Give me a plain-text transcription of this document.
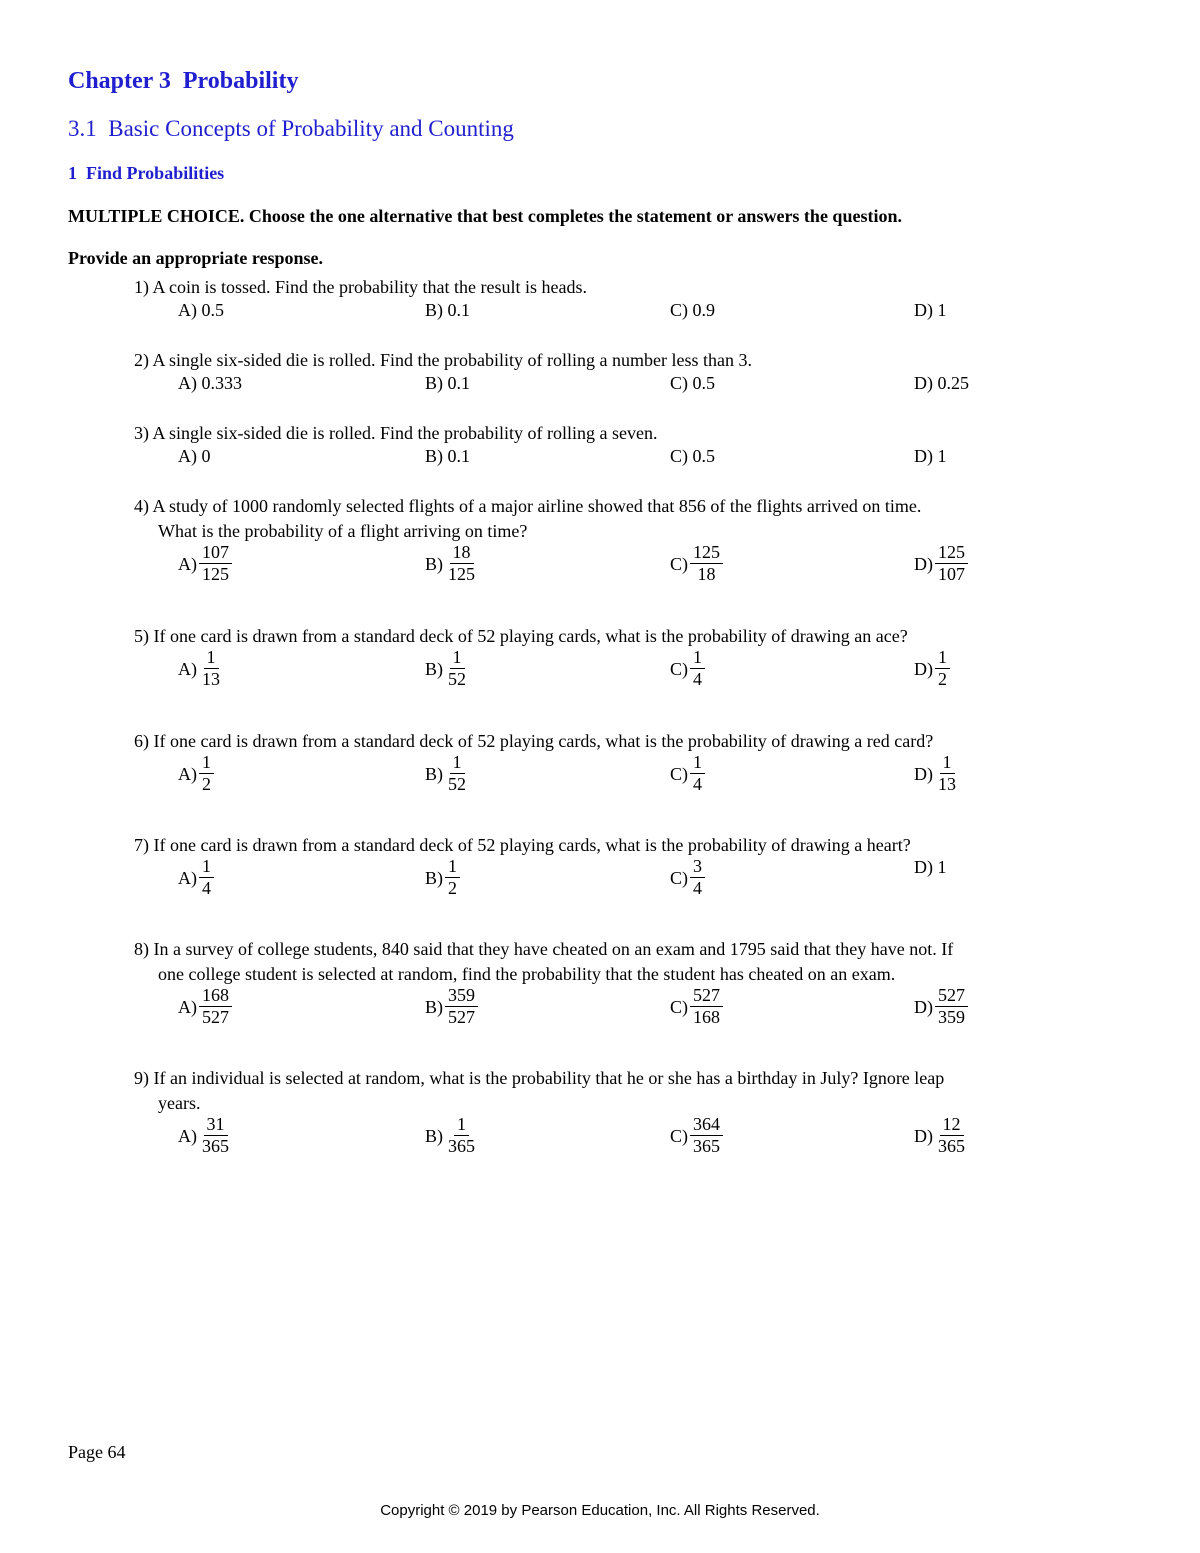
Chapter 3  Probability
3.1  Basic Concepts of Probability and Counting
1  Find Probabilities
MULTIPLE CHOICE. Choose the one alternative that best completes the statement or answers the question.
Provide an appropriate response.
1) A coin is tossed. Find the probability that the result is heads.
A) 0.5	B) 0.1	C) 0.9	D) 1
2) A single six-sided die is rolled. Find the probability of rolling a number less than 3.
A) 0.333	B) 0.1	C) 0.5	D) 0.25
3) A single six-sided die is rolled. Find the probability of rolling a seven.
A) 0	B) 0.1	C) 0.5	D) 1
4) A study of 1000 randomly selected flights of a major airline showed that 856 of the flights arrived on time.
What is the probability of a flight arriving on time?
$A) \frac{107}{125}$	$B) \frac{18}{125}$	$C) \frac{125}{18}$	$D) \frac{125}{107}$
5) If one card is drawn from a standard deck of 52 playing cards, what is the probability of drawing an ace?
$A) \frac{1}{13}$	$B) \frac{1}{52}$	$C) \frac{1}{4}$	$D) \frac{1}{2}$
6) If one card is drawn from a standard deck of 52 playing cards, what is the probability of drawing a red card?
$A) \frac{1}{2}$	$B) \frac{1}{52}$	$C) \frac{1}{4}$	$D) \frac{1}{13}$
7) If one card is drawn from a standard deck of 52 playing cards, what is the probability of drawing a heart?
$A) \frac{1}{4}$	$B) \frac{1}{2}$	$C) \frac{3}{4}$	D) 1
8) In a survey of college students, 840 said that they have cheated on an exam and 1795 said that they have not. If
one college student is selected at random, find the probability that the student has cheated on an exam.
$A) \frac{168}{527}$	$B) \frac{359}{527}$	$C) \frac{527}{168}$	$D) \frac{527}{359}$
9) If an individual is selected at random, what is the probability that he or she has a birthday in July? Ignore leap
years.
$A) \frac{31}{365}$	$B) \frac{1}{365}$	$C) \frac{364}{365}$	$D) \frac{12}{365}$
Page 64
Copyright © 2019 by Pearson Education, Inc. All Rights Reserved.
